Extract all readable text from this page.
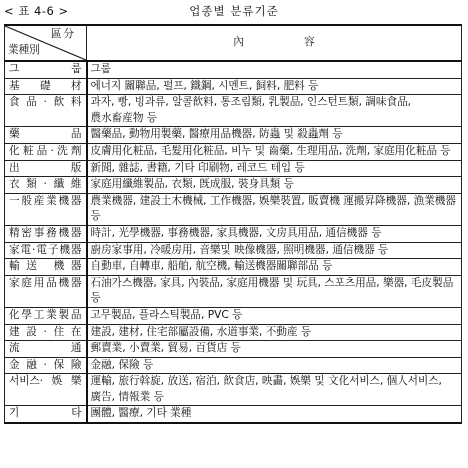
< 표 4-6 >	업종별 분류기준
區分
業種別	內 容
그 룹	그룹
基 礎 材	에너지 關聯品, 펄프, 鐵鋼, 시멘트, 飼料, 肥料 등
食品·飮料	과자, 빵, 빙과류, 알콜飮料, 통조림類, 乳製品, 인스턴트類, 調味食品, 農水畜産物 등
藥 品	醫藥品, 動物用製藥, 醫療用品機器, 防蟲 및 殺蟲劑 등
化粧品·洗劑	皮膚用化粧品, 毛髮用化粧品, 비누 및 齒藥, 生理用品, 洗劑, 家庭用化粧品 등
出 版	新聞, 雜誌, 書籍, 기타 印刷物, 레코드 테입 등
衣類·纖維	家庭用纖維製品, 衣類, 旣成服, 裝身具類 등
一般産業機器	農業機器, 建設土木機械, 工作機器, 娛樂裝置, 販賣機 運搬昇降機器, 漁業機器 등
精密事務機器	時計, 光學機器, 事務機器, 家具機器, 文房具用品, 通信機器 등
家電·電子機器	廚房家事用, 冷暖房用, 音樂및 映像機器, 照明機器, 通信機器 등
輸送 機器	自動車, 自轉車, 船舶, 航空機, 輸送機器關聯部品 등
家庭用品機器	石油가스機器, 家具, 內裝品, 家庭用機器 및 玩具, 스포츠用品, 樂器, 毛皮製品 등
化學工業製品	고무製品, 플라스틱製品, PVC 등
建設·住在	建設, 建材, 住宅部屬設備, 水道事業, 不動産 등
流 通	郵賣業, 小賣業, 貿易, 百貨店 등
金融·保險	金融, 保險 등
서비스·娛樂	運輸, 旅行斡旋, 放送, 宿泊, 飮食店, 映畵, 娛樂 및 文化서비스, 個人서비스, 廣告, 情報業 등
기 타	團體, 醫療, 기타 業種
